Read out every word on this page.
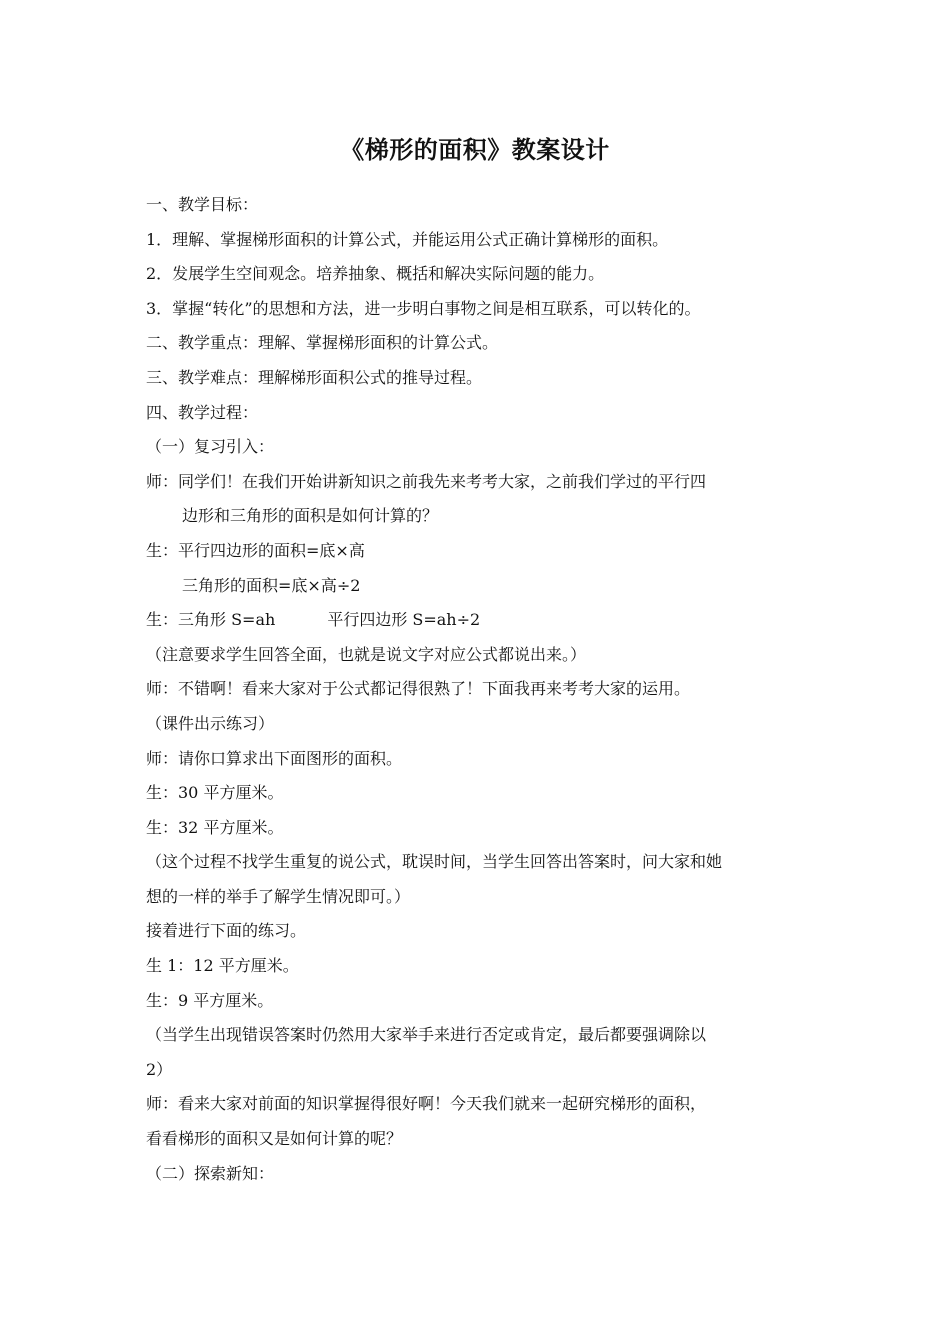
《梯形的面积》教案设计
一、教学目标：
1．理解、掌握梯形面积的计算公式，并能运用公式正确计算梯形的面积。
2．发展学生空间观念。培养抽象、概括和解决实际问题的能力。
3．掌握“转化”的思想和方法，进一步明白事物之间是相互联系，可以转化的。
二、教学重点：理解、掌握梯形面积的计算公式。
三、教学难点：理解梯形面积公式的推导过程。
四、教学过程：
（一）复习引入：
师：同学们！在我们开始讲新知识之前我先来考考大家，之前我们学过的平行四
边形和三角形的面积是如何计算的？
生：平行四边形的面积=底×高
三角形的面积=底×高÷2
生：三角形 S=ah	平行四边形 S=ah÷2
（注意要求学生回答全面，也就是说文字对应公式都说出来。）
师：不错啊！看来大家对于公式都记得很熟了！下面我再来考考大家的运用。
（课件出示练习）
师：请你口算求出下面图形的面积。
生：30 平方厘米。
生：32 平方厘米。
（这个过程不找学生重复的说公式，耽误时间，当学生回答出答案时，问大家和她
想的一样的举手了解学生情况即可。）
接着进行下面的练习。
生 1：12 平方厘米。
生：9 平方厘米。
（当学生出现错误答案时仍然用大家举手来进行否定或肯定，最后都要强调除以
2）
师：看来大家对前面的知识掌握得很好啊！今天我们就来一起研究梯形的面积，
看看梯形的面积又是如何计算的呢？
（二）探索新知：
